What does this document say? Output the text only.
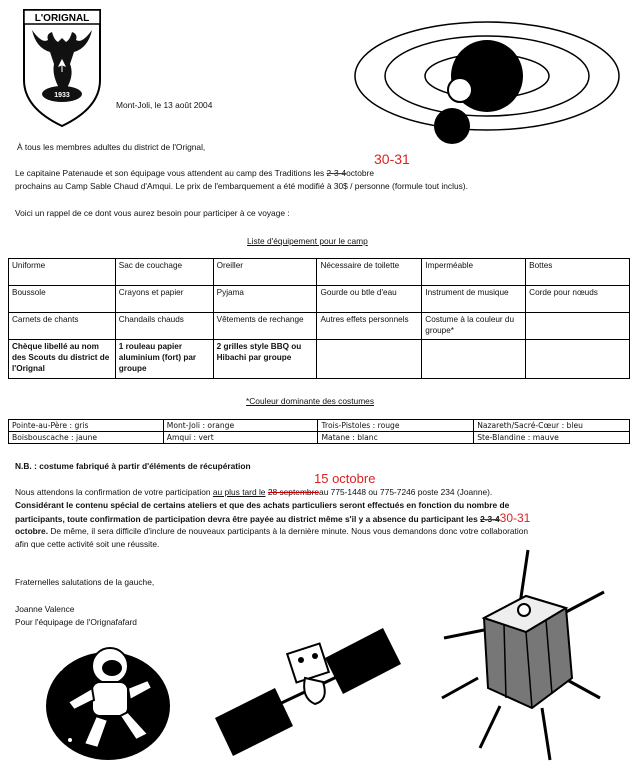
L'ORIGNAL
1933
Mont-Joli, le 13 août 2004
À tous les membres adultes du district de l'Orignal,
30-31
Le capitaine Patenaude et son équipage vous attendent au camp des Traditions les 2-3-4octobre
prochains au Camp Sable Chaud d'Amqui. Le prix de l'embarquement a été modifié à 30$ / personne (formule tout inclus).
Voici un rappel de ce dont vous aurez besoin pour participer à ce voyage :
Liste d'équipement pour le camp
Uniforme	Sac de couchage	Oreiller	Nécessaire de toilette	Imperméable	Bottes
Boussole	Crayons et papier	Pyjama	Gourde ou btle d'eau	Instrument de musique	Corde pour nœuds
Carnets de chants	Chandails chauds	Vêtements de rechange	Autres effets personnels	Costume à la couleur du groupe*	
Chèque libellé au nom des Scouts du district de l'Orignal	1 rouleau papier aluminium (fort) par groupe	2 grilles style BBQ ou Hibachi par groupe			
*Couleur dominante des costumes
Pointe-au-Père : gris	Mont-Joli : orange	Trois-Pistoles : rouge	Nazareth/Sacré-Cœur : bleu
Boisbouscache : jaune	Amqui : vert	Matane : blanc	Ste-Blandine : mauve
N.B. : costume fabriqué à partir d'éléments de récupération
15 octobre
Nous attendons la confirmation de votre participation au plus tard le 28 septembreau 775-1448 ou 775-7246 poste 234 (Joanne).
Considérant le contenu spécial de certains ateliers et que des achats particuliers seront effectués en fonction du nombre de
participants, toute confirmation de participation devra être payée au district même s'il y a absence du participant les 2-3-430-31
octobre. De même, il sera difficile d'inclure de nouveaux participants à la dernière minute. Nous vous demandons donc votre collaboration
afin que cette activité soit une réussite.
Fraternelles salutations de la gauche,
Joanne Valence
Pour l'équipage de l'Orignafafard
